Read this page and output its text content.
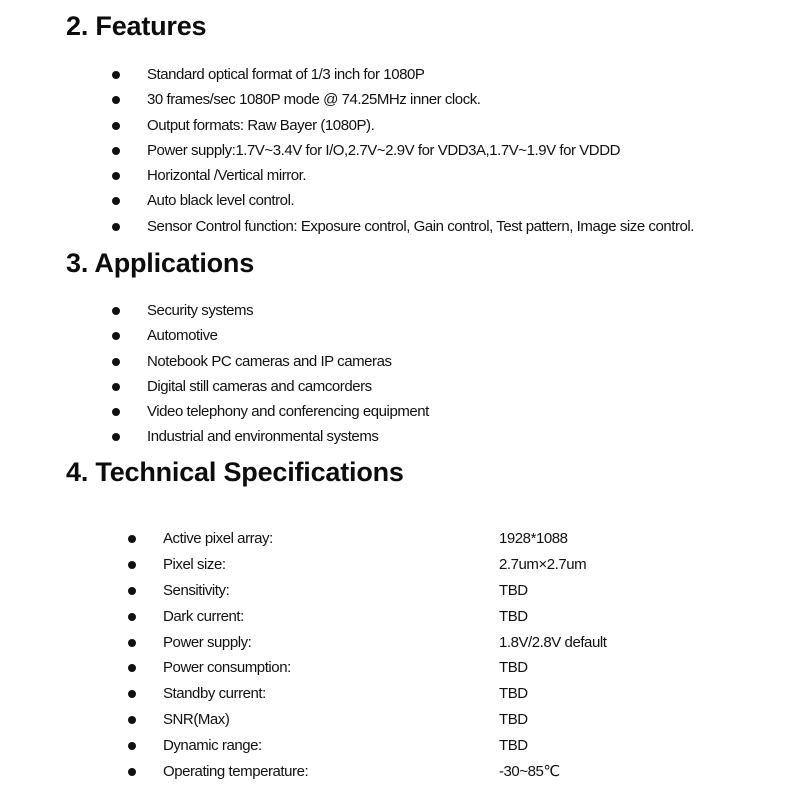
2. Features
Standard optical format of 1/3 inch for 1080P
30 frames/sec 1080P mode @ 74.25MHz inner clock.
Output formats: Raw Bayer (1080P).
Power supply:1.7V~3.4V for I/O,2.7V~2.9V for VDD3A,1.7V~1.9V for VDDD
Horizontal /Vertical mirror.
Auto black level control.
Sensor Control function: Exposure control, Gain control, Test pattern, Image size control.
3. Applications
Security systems
Automotive
Notebook PC cameras and IP cameras
Digital still cameras and camcorders
Video telephony and conferencing equipment
Industrial and environmental systems
4. Technical Specifications
Active pixel array:	1928*1088
Pixel size:	2.7um×2.7um
Sensitivity:	TBD
Dark current:	TBD
Power supply:	1.8V/2.8V default
Power consumption:	TBD
Standby current:	TBD
SNR(Max)	TBD
Dynamic range:	TBD
Operating temperature:	-30~85℃
